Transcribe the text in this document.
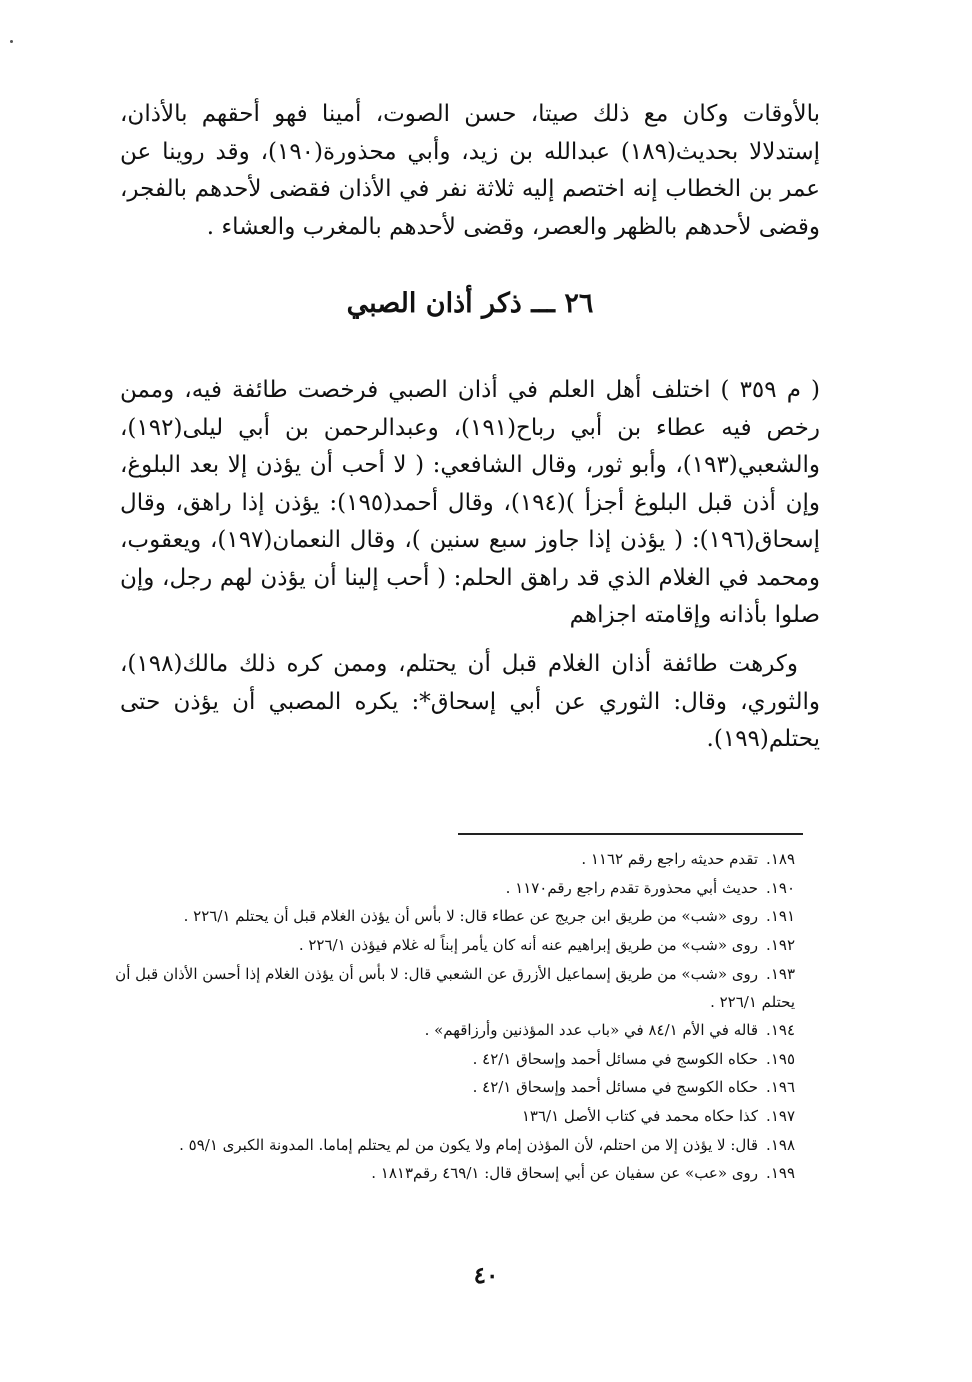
بالأوقات وكان مع ذلك صيتا، حسن الصوت، أمينا فهو أحقهم بالأذان، إستدلالا بحديث(١٨٩) عبدالله بن زيد، وأبي محذورة(١٩٠)، وقد روينا عن عمر بن الخطاب إنه اختصم إليه ثلاثة نفر في الأذان فقضى لأحدهم بالفجر، وقضى لأحدهم بالظهر والعصر، وقضى لأحدهم بالمغرب والعشاء .

٢٦ ـــ ذكر أذان الصبي

( م ٣٥٩ ) اختلف أهل العلم في أذان الصبي فرخصت طائفة فيه، وممن رخص فيه عطاء بن أبي رباح(١٩١)، وعبدالرحمن بن أبي ليلى(١٩٢)، والشعبي(١٩٣)، وأبو ثور، وقال الشافعي: ( لا أحب أن يؤذن إلا بعد البلوغ، وإن أذن قبل البلوغ أجزأ )(١٩٤)، وقال أحمد(١٩٥): يؤذن إذا راهق، وقال إسحاق(١٩٦): ( يؤذن إذا جاوز سبع سنين )، وقال النعمان(١٩٧)، ويعقوب، ومحمد في الغلام الذي قد راهق الحلم: ( أحب إلينا أن يؤذن لهم رجل، وإن صلوا بأذانه وإقامته اجزاهم

وكرهت طائفة أذان الغلام قبل أن يحتلم، وممن كره ذلك مالك(١٩٨)، والثوري، وقال: الثوري عن أبي إسحاق*: يكره المصبي أن يؤذن حتى يحتلم(١٩٩).

١٨٩.تقدم حديثه راجع رقم ١١٦٢ .
١٩٠.حديث أبي محذورة تقدم راجع رقم١١٧٠ .
١٩١.روى «شب» من طريق ابن جريج عن عطاء قال: لا بأس أن يؤذن الغلام قبل أن يحتلم ٢٢٦/١ .
١٩٢.روى «شب» من طريق إبراهيم عنه أنه كان يأمر إبناً له غلام فيؤذن ٢٢٦/١ .
١٩٣.روى «شب» من طريق إسماعيل الأزرق عن الشعبي قال: لا بأس أن يؤذن الغلام إذا أحسن الأذان قبل أن يحتلم ٢٢٦/١ .
١٩٤.قاله في الأم ٨٤/١ في «باب عدد المؤذنين وأرزاقهم» .
١٩٥.حكاه الكوسج في مسائل أحمد وإسحاق ٤٢/١ .
١٩٦.حكاه الكوسج في مسائل أحمد وإسحاق ٤٢/١ .
١٩٧.كذا حكاه محمد في كتاب الأصل ١٣٦/١
١٩٨.قال: لا يؤذن إلا من احتلم، لأن المؤذن إمام ولا يكون من لم يحتلم إماما. المدونة الكبرى ٥٩/١ .
١٩٩.روى «عب» عن سفيان عن أبي إسحاق قال: ٤٦٩/١ رقم١٨١٣ .
٤٠
